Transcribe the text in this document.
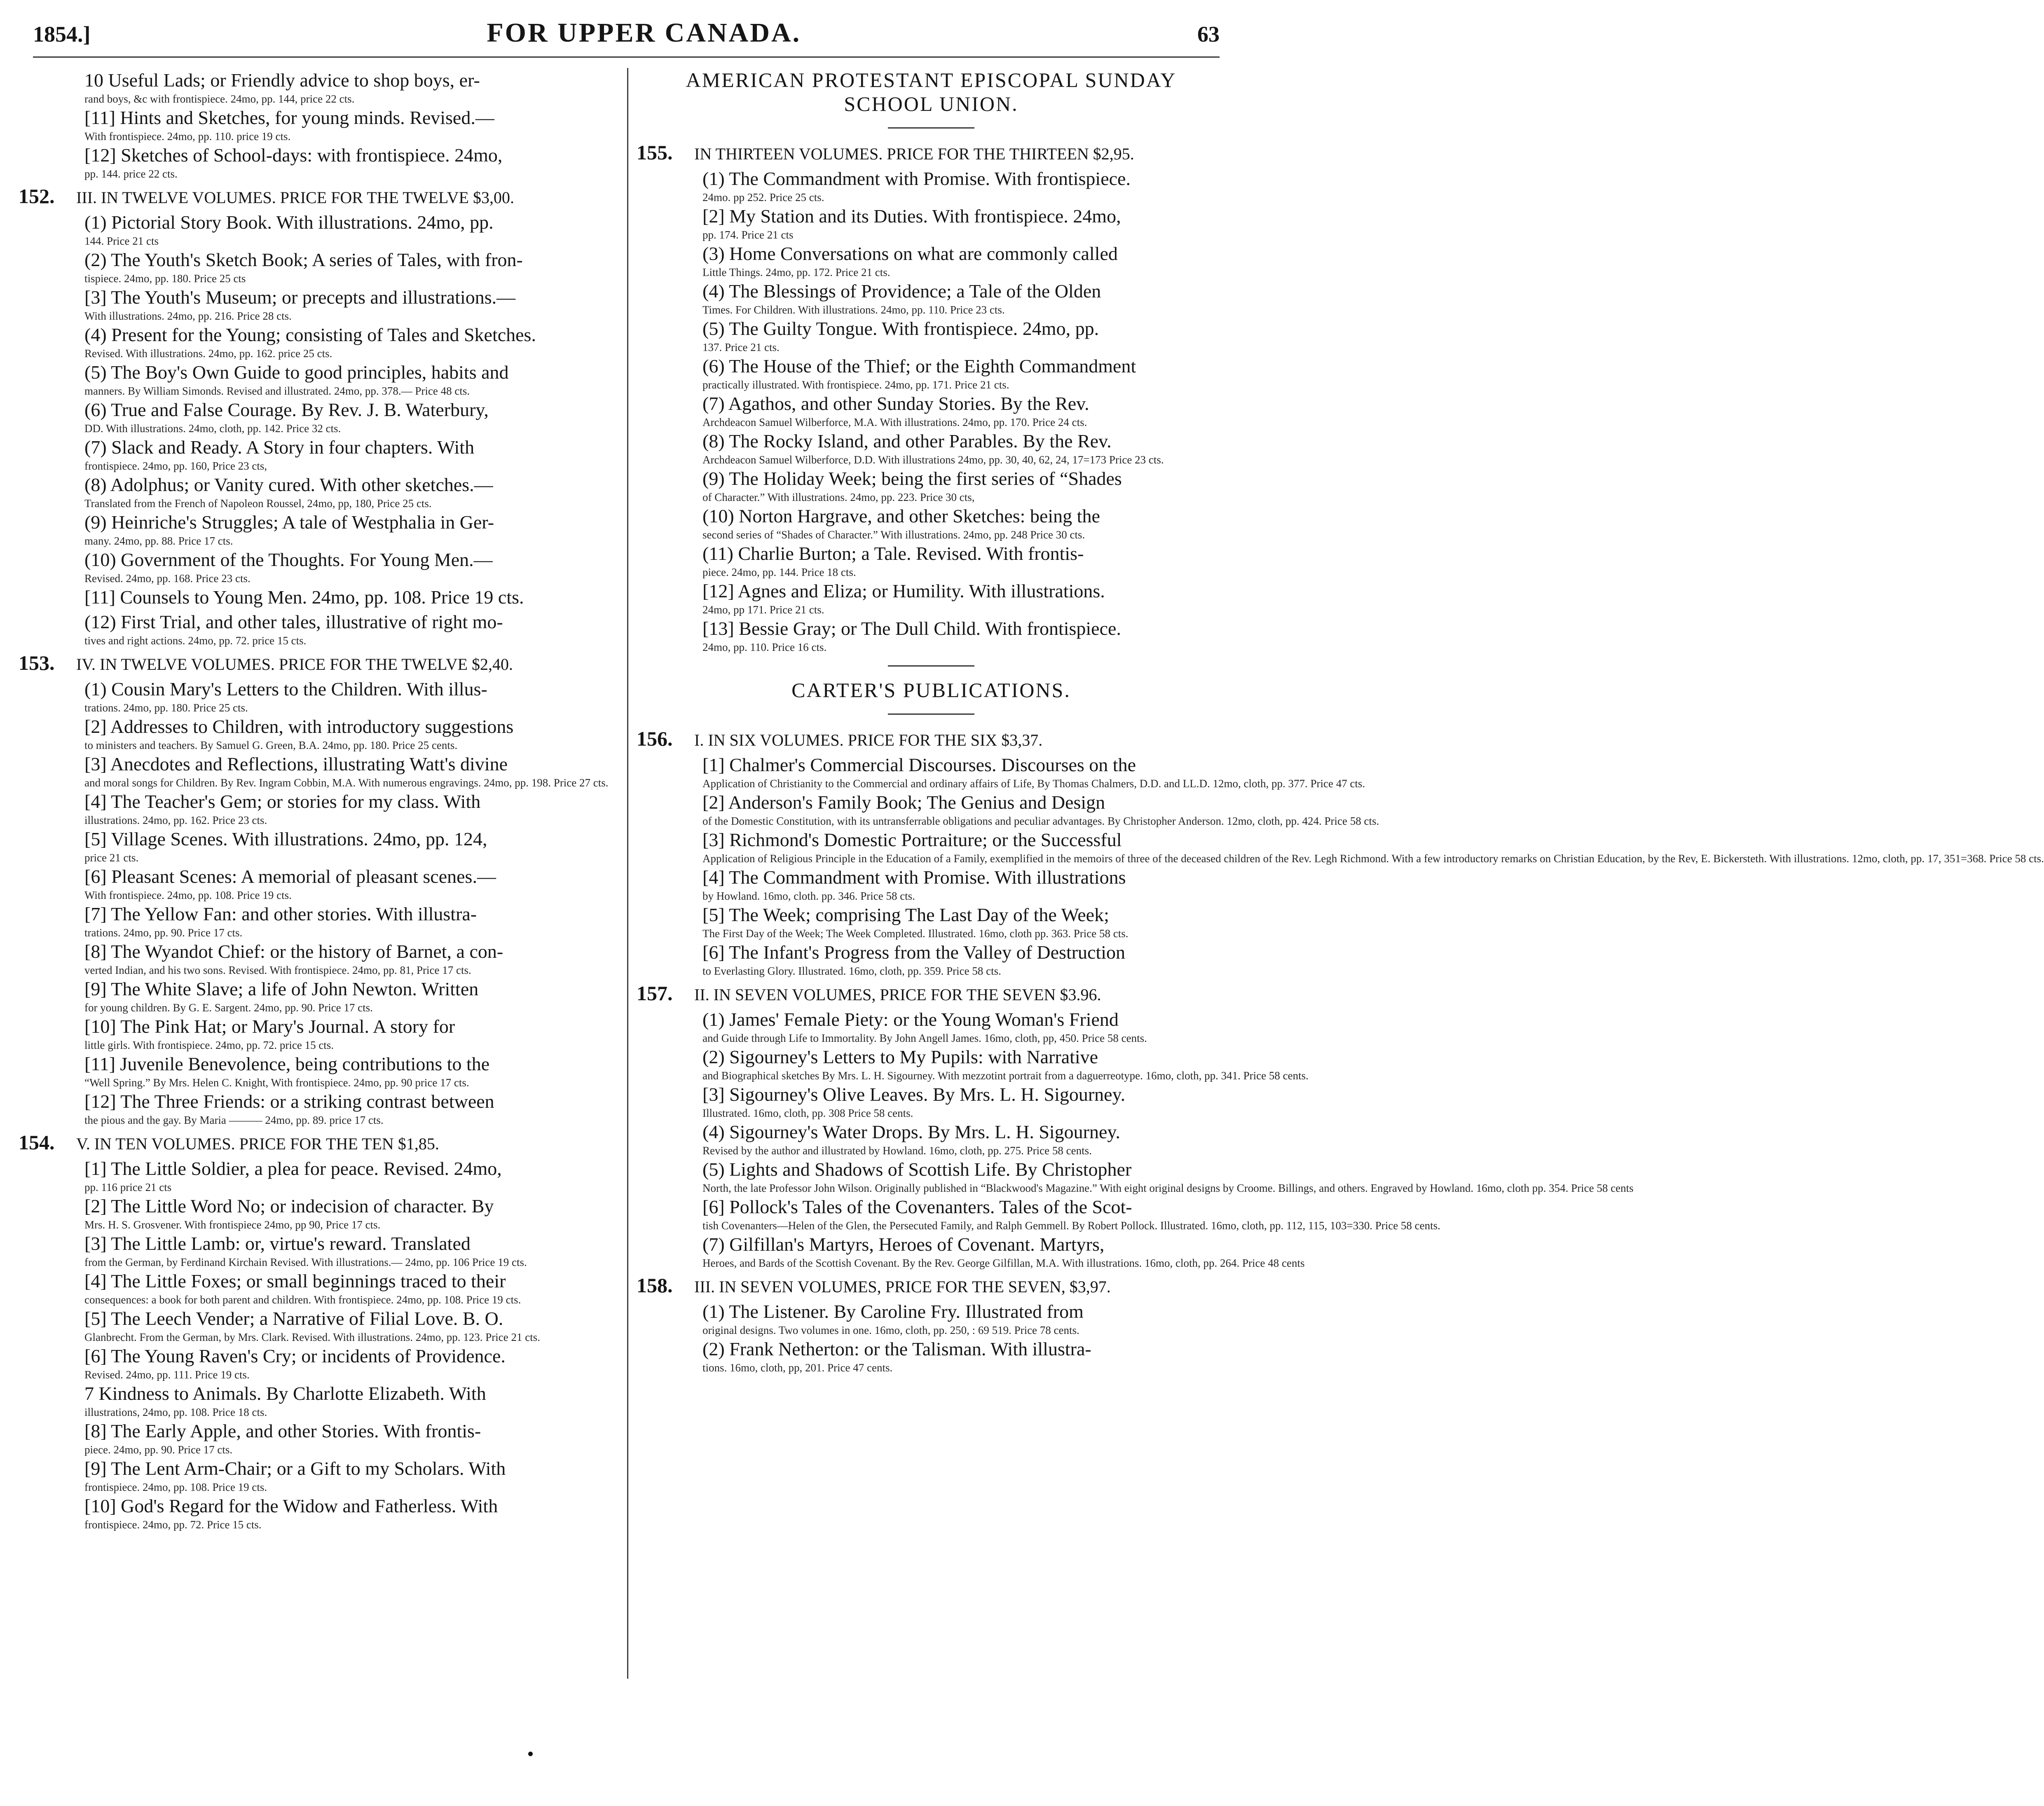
1854.]	FOR UPPER CANADA.	63
10 Useful Lads; or Friendly advice to shop boys, er-
rand boys, &c with frontispiece. 24mo, pp. 144, price 22 cts.
[11] Hints and Sketches, for young minds. Revised.—
With frontispiece. 24mo, pp. 110. price 19 cts.
[12] Sketches of School-days: with frontispiece. 24mo,
pp. 144. price 22 cts.
152. III. IN TWELVE VOLUMES. PRICE FOR THE TWELVE $3,00.
(1) Pictorial Story Book. With illustrations. 24mo, pp.
144. Price 21 cts
(2) The Youth's Sketch Book; A series of Tales, with fron-
tispiece. 24mo, pp. 180. Price 25 cts
[3] The Youth's Museum; or precepts and illustrations.—
With illustrations. 24mo, pp. 216. Price 28 cts.
(4) Present for the Young; consisting of Tales and Sketches.
Revised. With illustrations. 24mo, pp. 162. price 25 cts.
(5) The Boy's Own Guide to good principles, habits and
manners. By William Simonds. Revised and illustrated. 24mo, pp. 378.— Price 48 cts.
(6) True and False Courage. By Rev. J. B. Waterbury,
DD. With illustrations. 24mo, cloth, pp. 142. Price 32 cts.
(7) Slack and Ready. A Story in four chapters. With
frontispiece. 24mo, pp. 160, Price 23 cts,
(8) Adolphus; or Vanity cured. With other sketches.—
Translated from the French of Napoleon Roussel, 24mo, pp, 180, Price 25 cts.
(9) Heinriche's Struggles; A tale of Westphalia in Ger-
many. 24mo, pp. 88. Price 17 cts.
(10) Government of the Thoughts. For Young Men.—
Revised. 24mo, pp. 168. Price 23 cts.
[11] Counsels to Young Men. 24mo, pp. 108. Price 19 cts.
(12) First Trial, and other tales, illustrative of right mo-
tives and right actions. 24mo, pp. 72. price 15 cts.
153. IV. IN TWELVE VOLUMES. PRICE FOR THE TWELVE $2,40.
(1) Cousin Mary's Letters to the Children. With illus-
trations. 24mo, pp. 180. Price 25 cts.
[2] Addresses to Children, with introductory suggestions
to ministers and teachers. By Samuel G. Green, B.A. 24mo, pp. 180. Price 25 cents.
[3] Anecdotes and Reflections, illustrating Watt's divine
and moral songs for Children. By Rev. Ingram Cobbin, M.A. With numerous engravings. 24mo, pp. 198. Price 27 cts.
[4] The Teacher's Gem; or stories for my class. With
illustrations. 24mo, pp. 162. Price 23 cts.
[5] Village Scenes. With illustrations. 24mo, pp. 124,
price 21 cts.
[6] Pleasant Scenes: A memorial of pleasant scenes.—
With frontispiece. 24mo, pp. 108. Price 19 cts.
[7] The Yellow Fan: and other stories. With illustra-
trations. 24mo, pp. 90. Price 17 cts.
[8] The Wyandot Chief: or the history of Barnet, a con-
verted Indian, and his two sons. Revised. With frontispiece. 24mo, pp. 81, Price 17 cts.
[9] The White Slave; a life of John Newton. Written
for young children. By G. E. Sargent. 24mo, pp. 90. Price 17 cts.
[10] The Pink Hat; or Mary's Journal. A story for
little girls. With frontispiece. 24mo, pp. 72. price 15 cts.
[11] Juvenile Benevolence, being contributions to the
“Well Spring.” By Mrs. Helen C. Knight, With frontispiece. 24mo, pp. 90 price 17 cts.
[12] The Three Friends: or a striking contrast between
the pious and the gay. By Maria ——— 24mo, pp. 89. price 17 cts.
154. V. IN TEN VOLUMES. PRICE FOR THE TEN $1,85.
[1] The Little Soldier, a plea for peace. Revised. 24mo,
pp. 116 price 21 cts
[2] The Little Word No; or indecision of character. By
Mrs. H. S. Grosvener. With frontispiece 24mo, pp 90, Price 17 cts.
[3] The Little Lamb: or, virtue's reward. Translated
from the German, by Ferdinand Kirchain Revised. With illustrations.— 24mo, pp. 106 Price 19 cts.
[4] The Little Foxes; or small beginnings traced to their
consequences: a book for both parent and children. With frontispiece. 24mo, pp. 108. Price 19 cts.
[5] The Leech Vender; a Narrative of Filial Love. B. O.
Glanbrecht. From the German, by Mrs. Clark. Revised. With illustrations. 24mo, pp. 123. Price 21 cts.
[6] The Young Raven's Cry; or incidents of Providence.
Revised. 24mo, pp. 111. Price 19 cts.
7 Kindness to Animals. By Charlotte Elizabeth. With
illustrations, 24mo, pp. 108. Price 18 cts.
[8] The Early Apple, and other Stories. With frontis-
piece. 24mo, pp. 90. Price 17 cts.
[9] The Lent Arm-Chair; or a Gift to my Scholars. With
frontispiece. 24mo, pp. 108. Price 19 cts.
[10] God's Regard for the Widow and Fatherless. With
frontispiece. 24mo, pp. 72. Price 15 cts.
AMERICAN PROTESTANT EPISCOPAL SUNDAY
SCHOOL UNION.
155. IN THIRTEEN VOLUMES. PRICE FOR THE THIRTEEN $2,95.
(1) The Commandment with Promise. With frontispiece.
24mo. pp 252. Price 25 cts.
[2] My Station and its Duties. With frontispiece. 24mo,
pp. 174. Price 21 cts
(3) Home Conversations on what are commonly called
Little Things. 24mo, pp. 172. Price 21 cts.
(4) The Blessings of Providence; a Tale of the Olden
Times. For Children. With illustrations. 24mo, pp. 110. Price 23 cts.
(5) The Guilty Tongue. With frontispiece. 24mo, pp.
137. Price 21 cts.
(6) The House of the Thief; or the Eighth Commandment
practically illustrated. With frontispiece. 24mo, pp. 171. Price 21 cts.
(7) Agathos, and other Sunday Stories. By the Rev.
Archdeacon Samuel Wilberforce, M.A. With illustrations. 24mo, pp. 170. Price 24 cts.
(8) The Rocky Island, and other Parables. By the Rev.
Archdeacon Samuel Wilberforce, D.D. With illustrations 24mo, pp. 30, 40, 62, 24, 17=173 Price 23 cts.
(9) The Holiday Week; being the first series of “Shades
of Character.” With illustrations. 24mo, pp. 223. Price 30 cts,
(10) Norton Hargrave, and other Sketches: being the
second series of “Shades of Character.” With illustrations. 24mo, pp. 248 Price 30 cts.
(11) Charlie Burton; a Tale. Revised. With frontis-
piece. 24mo, pp. 144. Price 18 cts.
[12] Agnes and Eliza; or Humility. With illustrations.
24mo, pp 171. Price 21 cts.
[13] Bessie Gray; or The Dull Child. With frontispiece.
24mo, pp. 110. Price 16 cts.
CARTER'S PUBLICATIONS.
156. I. IN SIX VOLUMES. PRICE FOR THE SIX $3,37.
[1] Chalmer's Commercial Discourses. Discourses on the
Application of Christianity to the Commercial and ordinary affairs of Life, By Thomas Chalmers, D.D. and LL.D. 12mo, cloth, pp. 377. Price 47 cts.
[2] Anderson's Family Book; The Genius and Design
of the Domestic Constitution, with its untransferrable obligations and peculiar advantages. By Christopher Anderson. 12mo, cloth, pp. 424. Price 58 cts.
[3] Richmond's Domestic Portraiture; or the Successful
Application of Religious Principle in the Education of a Family, exemplified in the memoirs of three of the deceased children of the Rev. Legh Richmond. With a few introductory remarks on Christian Education, by the Rev, E. Bickersteth. With illustrations. 12mo, cloth, pp. 17, 351=368. Price 58 cts.
[4] The Commandment with Promise. With illustrations
by Howland. 16mo, cloth. pp. 346. Price 58 cts.
[5] The Week; comprising The Last Day of the Week;
The First Day of the Week; The Week Completed. Illustrated. 16mo, cloth pp. 363. Price 58 cts.
[6] The Infant's Progress from the Valley of Destruction
to Everlasting Glory. Illustrated. 16mo, cloth, pp. 359. Price 58 cts.
157. II. IN SEVEN VOLUMES, PRICE FOR THE SEVEN $3.96.
(1) James' Female Piety: or the Young Woman's Friend
and Guide through Life to Immortality. By John Angell James. 16mo, cloth, pp, 450. Price 58 cents.
(2) Sigourney's Letters to My Pupils: with Narrative
and Biographical sketches By Mrs. L. H. Sigourney. With mezzotint portrait from a daguerreotype. 16mo, cloth, pp. 341. Price 58 cents.
[3] Sigourney's Olive Leaves. By Mrs. L. H. Sigourney.
Illustrated. 16mo, cloth, pp. 308 Price 58 cents.
(4) Sigourney's Water Drops. By Mrs. L. H. Sigourney.
Revised by the author and illustrated by Howland. 16mo, cloth, pp. 275. Price 58 cents.
(5) Lights and Shadows of Scottish Life. By Christopher
North, the late Professor John Wilson. Originally published in “Blackwood's Magazine.” With eight original designs by Croome. Billings, and others. Engraved by Howland. 16mo, cloth pp. 354. Price 58 cents
[6] Pollock's Tales of the Covenanters. Tales of the Scot-
tish Covenanters—Helen of the Glen, the Persecuted Family, and Ralph Gemmell. By Robert Pollock. Illustrated. 16mo, cloth, pp. 112, 115, 103=330. Price 58 cents.
(7) Gilfillan's Martyrs, Heroes of Covenant. Martyrs,
Heroes, and Bards of the Scottish Covenant. By the Rev. George Gilfillan, M.A. With illustrations. 16mo, cloth, pp. 264. Price 48 cents
158. III. IN SEVEN VOLUMES, PRICE FOR THE SEVEN, $3,97.
(1) The Listener. By Caroline Fry. Illustrated from
original designs. Two volumes in one. 16mo, cloth, pp. 250, : 69 519. Price 78 cents.
(2) Frank Netherton: or the Talisman. With illustra-
tions. 16mo, cloth, pp, 201. Price 47 cents.
